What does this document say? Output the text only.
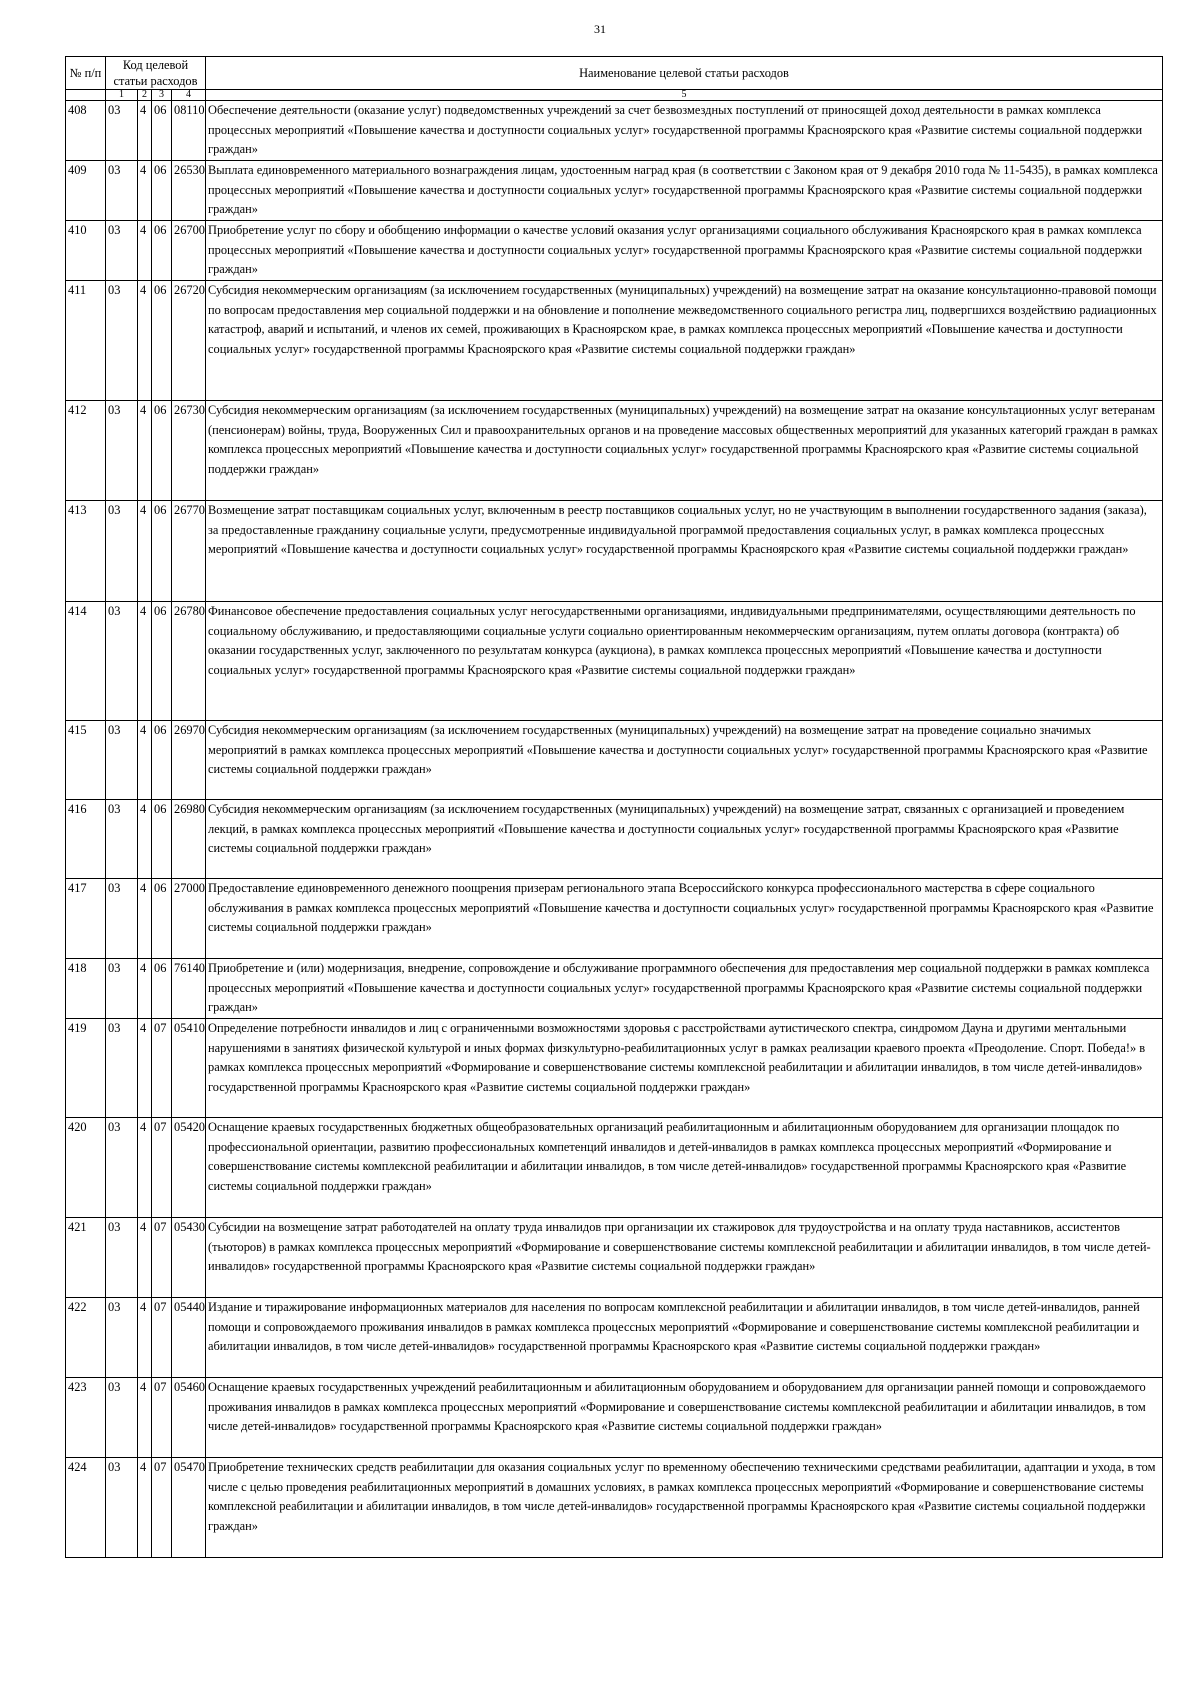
31
№ п/п	Код целевой статьи расходов				Наименование целевой статьи расходов

	1	2	3	4	5
408	03	4	06	08110	Обеспечение деятельности (оказание услуг) подведомственных учреждений за счет безвозмездных поступлений от приносящей доход деятельности в рамках комплекса процессных мероприятий «Повышение качества и доступности социальных услуг» государственной программы Красноярского края «Развитие системы социальной поддержки граждан»
409	03	4	06	26530	Выплата единовременного материального вознаграждения лицам, удостоенным наград края (в соответствии с Законом края от 9 декабря 2010 года № 11-5435), в рамках комплекса процессных мероприятий «Повышение качества и доступности социальных услуг» государственной программы Красноярского края «Развитие системы социальной поддержки граждан»
410	03	4	06	26700	Приобретение услуг по сбору и обобщению информации о качестве условий оказания услуг организациями социального обслуживания Красноярского края в рамках комплекса процессных мероприятий «Повышение качества и доступности социальных услуг» государственной программы Красноярского края «Развитие системы социальной поддержки граждан»
411	03	4	06	26720	Субсидия некоммерческим организациям (за исключением государственных (муниципальных) учреждений) на возмещение затрат на оказание консультационно-правовой помощи по вопросам предоставления мер социальной поддержки и на обновление и пополнение межведомственного социального регистра лиц, подвергшихся воздействию радиационных катастроф, аварий и испытаний, и членов их семей, проживающих в Красноярском крае, в рамках комплекса процессных мероприятий «Повышение качества и доступности социальных услуг» государственной программы Красноярского края «Развитие системы социальной поддержки граждан»
412	03	4	06	26730	Субсидия некоммерческим организациям (за исключением государственных (муниципальных) учреждений) на возмещение затрат на оказание консультационных услуг ветеранам (пенсионерам) войны, труда, Вооруженных Сил и правоохранительных органов и на проведение массовых общественных мероприятий для указанных категорий граждан в рамках комплекса процессных мероприятий «Повышение качества и доступности социальных услуг» государственной программы Красноярского края «Развитие системы социальной поддержки граждан»
413	03	4	06	26770	Возмещение затрат поставщикам социальных услуг, включенным в реестр поставщиков социальных услуг, но не участвующим в выполнении государственного задания (заказа), за предоставленные гражданину социальные услуги, предусмотренные индивидуальной программой предоставления социальных услуг, в рамках комплекса процессных мероприятий «Повышение качества и доступности социальных услуг» государственной программы Красноярского края «Развитие системы социальной поддержки граждан»
414	03	4	06	26780	Финансовое обеспечение предоставления социальных услуг негосударственными организациями, индивидуальными предпринимателями, осуществляющими деятельность по социальному обслуживанию, и предоставляющими социальные услуги социально ориентированным некоммерческим организациям, путем оплаты договора (контракта) об оказании государственных услуг, заключенного по результатам конкурса (аукциона), в рамках комплекса процессных мероприятий «Повышение качества и доступности социальных услуг» государственной программы Красноярского края «Развитие системы социальной поддержки граждан»
415	03	4	06	26970	Субсидия некоммерческим организациям (за исключением государственных (муниципальных) учреждений) на возмещение затрат на проведение социально значимых мероприятий в рамках комплекса процессных мероприятий «Повышение качества и доступности социальных услуг» государственной программы Красноярского края «Развитие системы социальной поддержки граждан»
416	03	4	06	26980	Субсидия некоммерческим организациям (за исключением государственных (муниципальных) учреждений) на возмещение затрат, связанных с организацией и проведением лекций, в рамках комплекса процессных мероприятий «Повышение качества и доступности социальных услуг» государственной программы Красноярского края «Развитие системы социальной поддержки граждан»
417	03	4	06	27000	Предоставление единовременного денежного поощрения призерам регионального этапа Всероссийского конкурса профессионального мастерства в сфере социального обслуживания в рамках комплекса процессных мероприятий «Повышение качества и доступности социальных услуг» государственной программы Красноярского края «Развитие системы социальной поддержки граждан»
418	03	4	06	76140	Приобретение и (или) модернизация, внедрение, сопровождение и обслуживание программного обеспечения для предоставления мер социальной поддержки в рамках комплекса процессных мероприятий «Повышение качества и доступности социальных услуг» государственной программы Красноярского края «Развитие системы социальной поддержки граждан»
419	03	4	07	05410	Определение потребности инвалидов и лиц с ограниченными возможностями здоровья с расстройствами аутистического спектра, синдромом Дауна и другими ментальными нарушениями в занятиях физической культурой и иных формах физкультурно-реабилитационных услуг в рамках реализации краевого проекта «Преодоление. Спорт. Победа!» в рамках комплекса процессных мероприятий «Формирование и совершенствование системы комплексной реабилитации и абилитации инвалидов, в том числе детей-инвалидов» государственной программы Красноярского края «Развитие системы социальной поддержки граждан»
420	03	4	07	05420	Оснащение краевых государственных бюджетных общеобразовательных организаций реабилитационным и абилитационным оборудованием для организации площадок по профессиональной ориентации, развитию профессиональных компетенций инвалидов и детей-инвалидов в рамках комплекса процессных мероприятий «Формирование и совершенствование системы комплексной реабилитации и абилитации инвалидов, в том числе детей-инвалидов» государственной программы Красноярского края «Развитие системы социальной поддержки граждан»
421	03	4	07	05430	Субсидии на возмещение затрат работодателей на оплату труда инвалидов при организации их стажировок для трудоустройства и на оплату труда наставников, ассистентов (тьюторов) в рамках комплекса процессных мероприятий «Формирование и совершенствование системы комплексной реабилитации и абилитации инвалидов, в том числе детей-инвалидов» государственной программы Красноярского края «Развитие системы социальной поддержки граждан»
422	03	4	07	05440	Издание и тиражирование информационных материалов для населения по вопросам комплексной реабилитации и абилитации инвалидов, в том числе детей-инвалидов, ранней помощи и сопровождаемого проживания инвалидов в рамках комплекса процессных мероприятий «Формирование и совершенствование системы комплексной реабилитации и абилитации инвалидов, в том числе детей-инвалидов» государственной программы Красноярского края «Развитие системы социальной поддержки граждан»
423	03	4	07	05460	Оснащение краевых государственных учреждений реабилитационным и абилитационным оборудованием и оборудованием для организации ранней помощи и сопровождаемого проживания инвалидов в рамках комплекса процессных мероприятий «Формирование и совершенствование системы комплексной реабилитации и абилитации инвалидов, в том числе детей-инвалидов» государственной программы Красноярского края «Развитие системы социальной поддержки граждан»
424	03	4	07	05470	Приобретение технических средств реабилитации для оказания социальных услуг по временному обеспечению техническими средствами реабилитации, адаптации и ухода, в том числе с целью проведения реабилитационных мероприятий в домашних условиях, в рамках комплекса процессных мероприятий «Формирование и совершенствование системы комплексной реабилитации и абилитации инвалидов, в том числе детей-инвалидов» государственной программы Красноярского края «Развитие системы социальной поддержки граждан»
